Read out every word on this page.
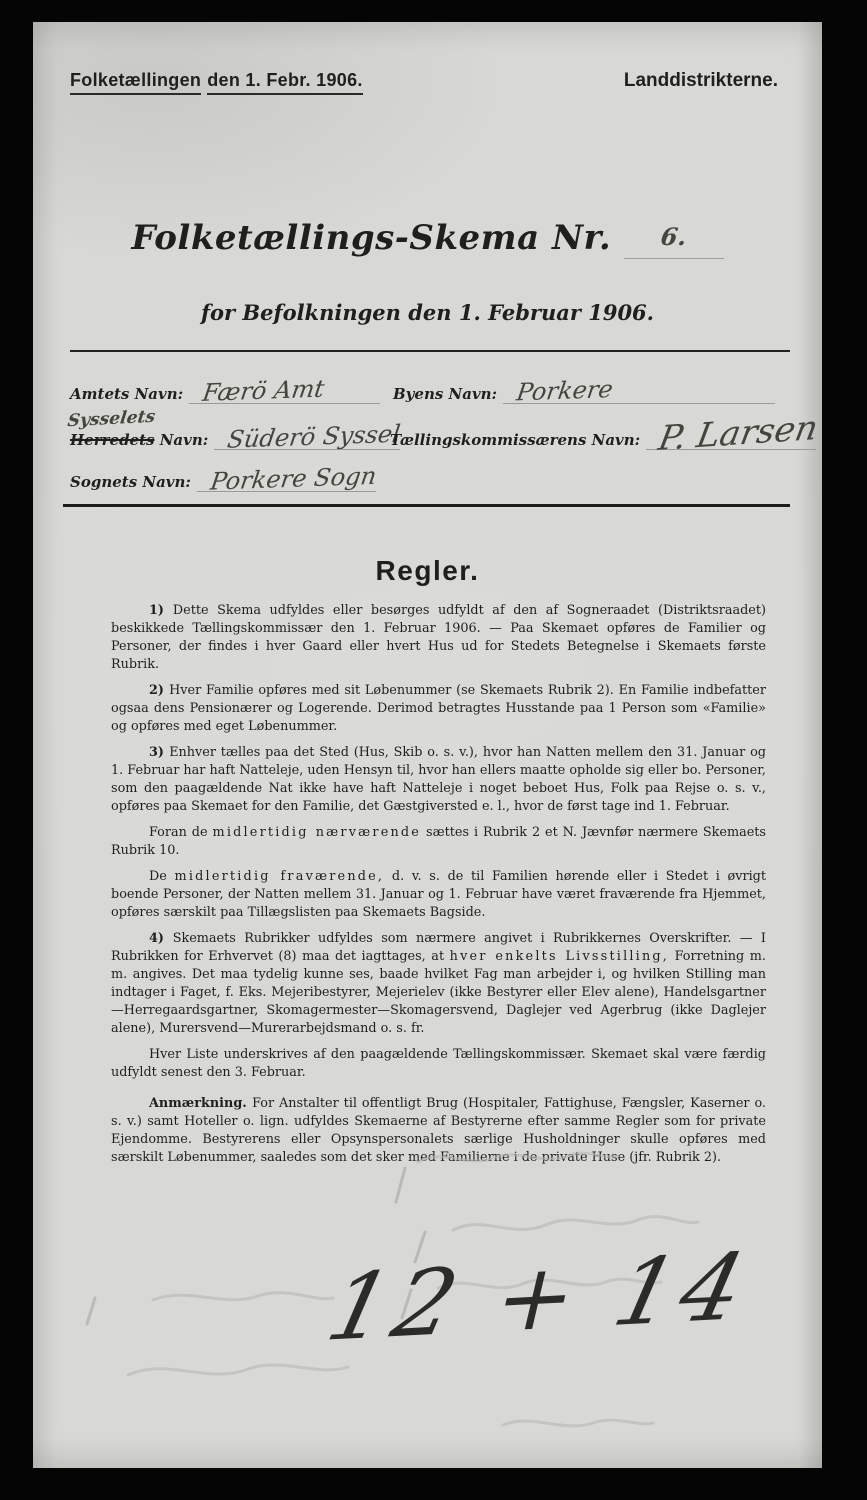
Folketællingen den 1. Febr. 1906.	Landdistrikterne.
Folketællings-Skema Nr. 6.
for Befolkningen den 1. Februar 1906.
Amtets Navn: Færö Amt	Byens Navn: Porkere
Sysselets
Herredets Navn: Süderö Syssel
Tællingskommissærens Navn: P. Larsen
Sognets Navn: Porkere Sogn
Regler.

1) Dette Skema udfyldes eller besørges udfyldt af den af Sogneraadet (Distriktsraadet) beskikkede Tællingskommissær den 1. Februar 1906. — Paa Skemaet opføres de Familier og Personer, der findes i hver Gaard eller hvert Hus ud for Stedets Betegnelse i Skemaets første Rubrik.

2) Hver Familie opføres med sit Løbenummer (se Skemaets Rubrik 2). En Familie indbefatter ogsaa dens Pensionærer og Logerende. Derimod betragtes Husstande paa 1 Person som «Familie» og opføres med eget Løbenummer.

3) Enhver tælles paa det Sted (Hus, Skib o. s. v.), hvor han Natten mellem den 31. Januar og 1. Februar har haft Natteleje, uden Hensyn til, hvor han ellers maatte opholde sig eller bo. Personer, som den paagældende Nat ikke have haft Natteleje i noget beboet Hus, Folk paa Rejse o. s. v., opføres paa Skemaet for den Familie, det Gæstgiversted e. l., hvor de først tage ind 1. Februar.

Foran de midlertidig nærværende sættes i Rubrik 2 et N. Jævnfør nærmere Skemaets Rubrik 10.

De midlertidig fraværende, d. v. s. de til Familien hørende eller i Stedet i øvrigt boende Personer, der Natten mellem 31. Januar og 1. Februar have været fraværende fra Hjemmet, opføres særskilt paa Tillægslisten paa Skemaets Bagside.

4) Skemaets Rubrikker udfyldes som nærmere angivet i Rubrikkernes Overskrifter. — I Rubrikken for Erhvervet (8) maa det iagttages, at hver enkelts Livsstilling, Forretning m. m. angives. Det maa tydelig kunne ses, baade hvilket Fag man arbejder i, og hvilken Stilling man indtager i Faget, f. Eks. Mejeribestyrer, Mejerielev (ikke Bestyrer eller Elev alene), Handelsgartner—Herregaardsgartner, Skomagermester—Skomagersvend, Daglejer ved Agerbrug (ikke Daglejer alene), Murersvend—Murerarbejdsmand o. s. fr.

Hver Liste underskrives af den paagældende Tællingskommissær. Skemaet skal være færdig udfyldt senest den 3. Februar.

Anmærkning. For Anstalter til offentligt Brug (Hospitaler, Fattighuse, Fængsler, Kaserner o. s. v.) samt Hoteller o. lign. udfyldes Skemaerne af Bestyrerne efter samme Regler som for private Ejendomme. Bestyrerens eller Opsynspersonalets særlige Husholdninger skulle opføres med særskilt Løbenummer, saaledes som det sker med Familierne i de private Huse (jfr. Rubrik 2).

12 + 14
